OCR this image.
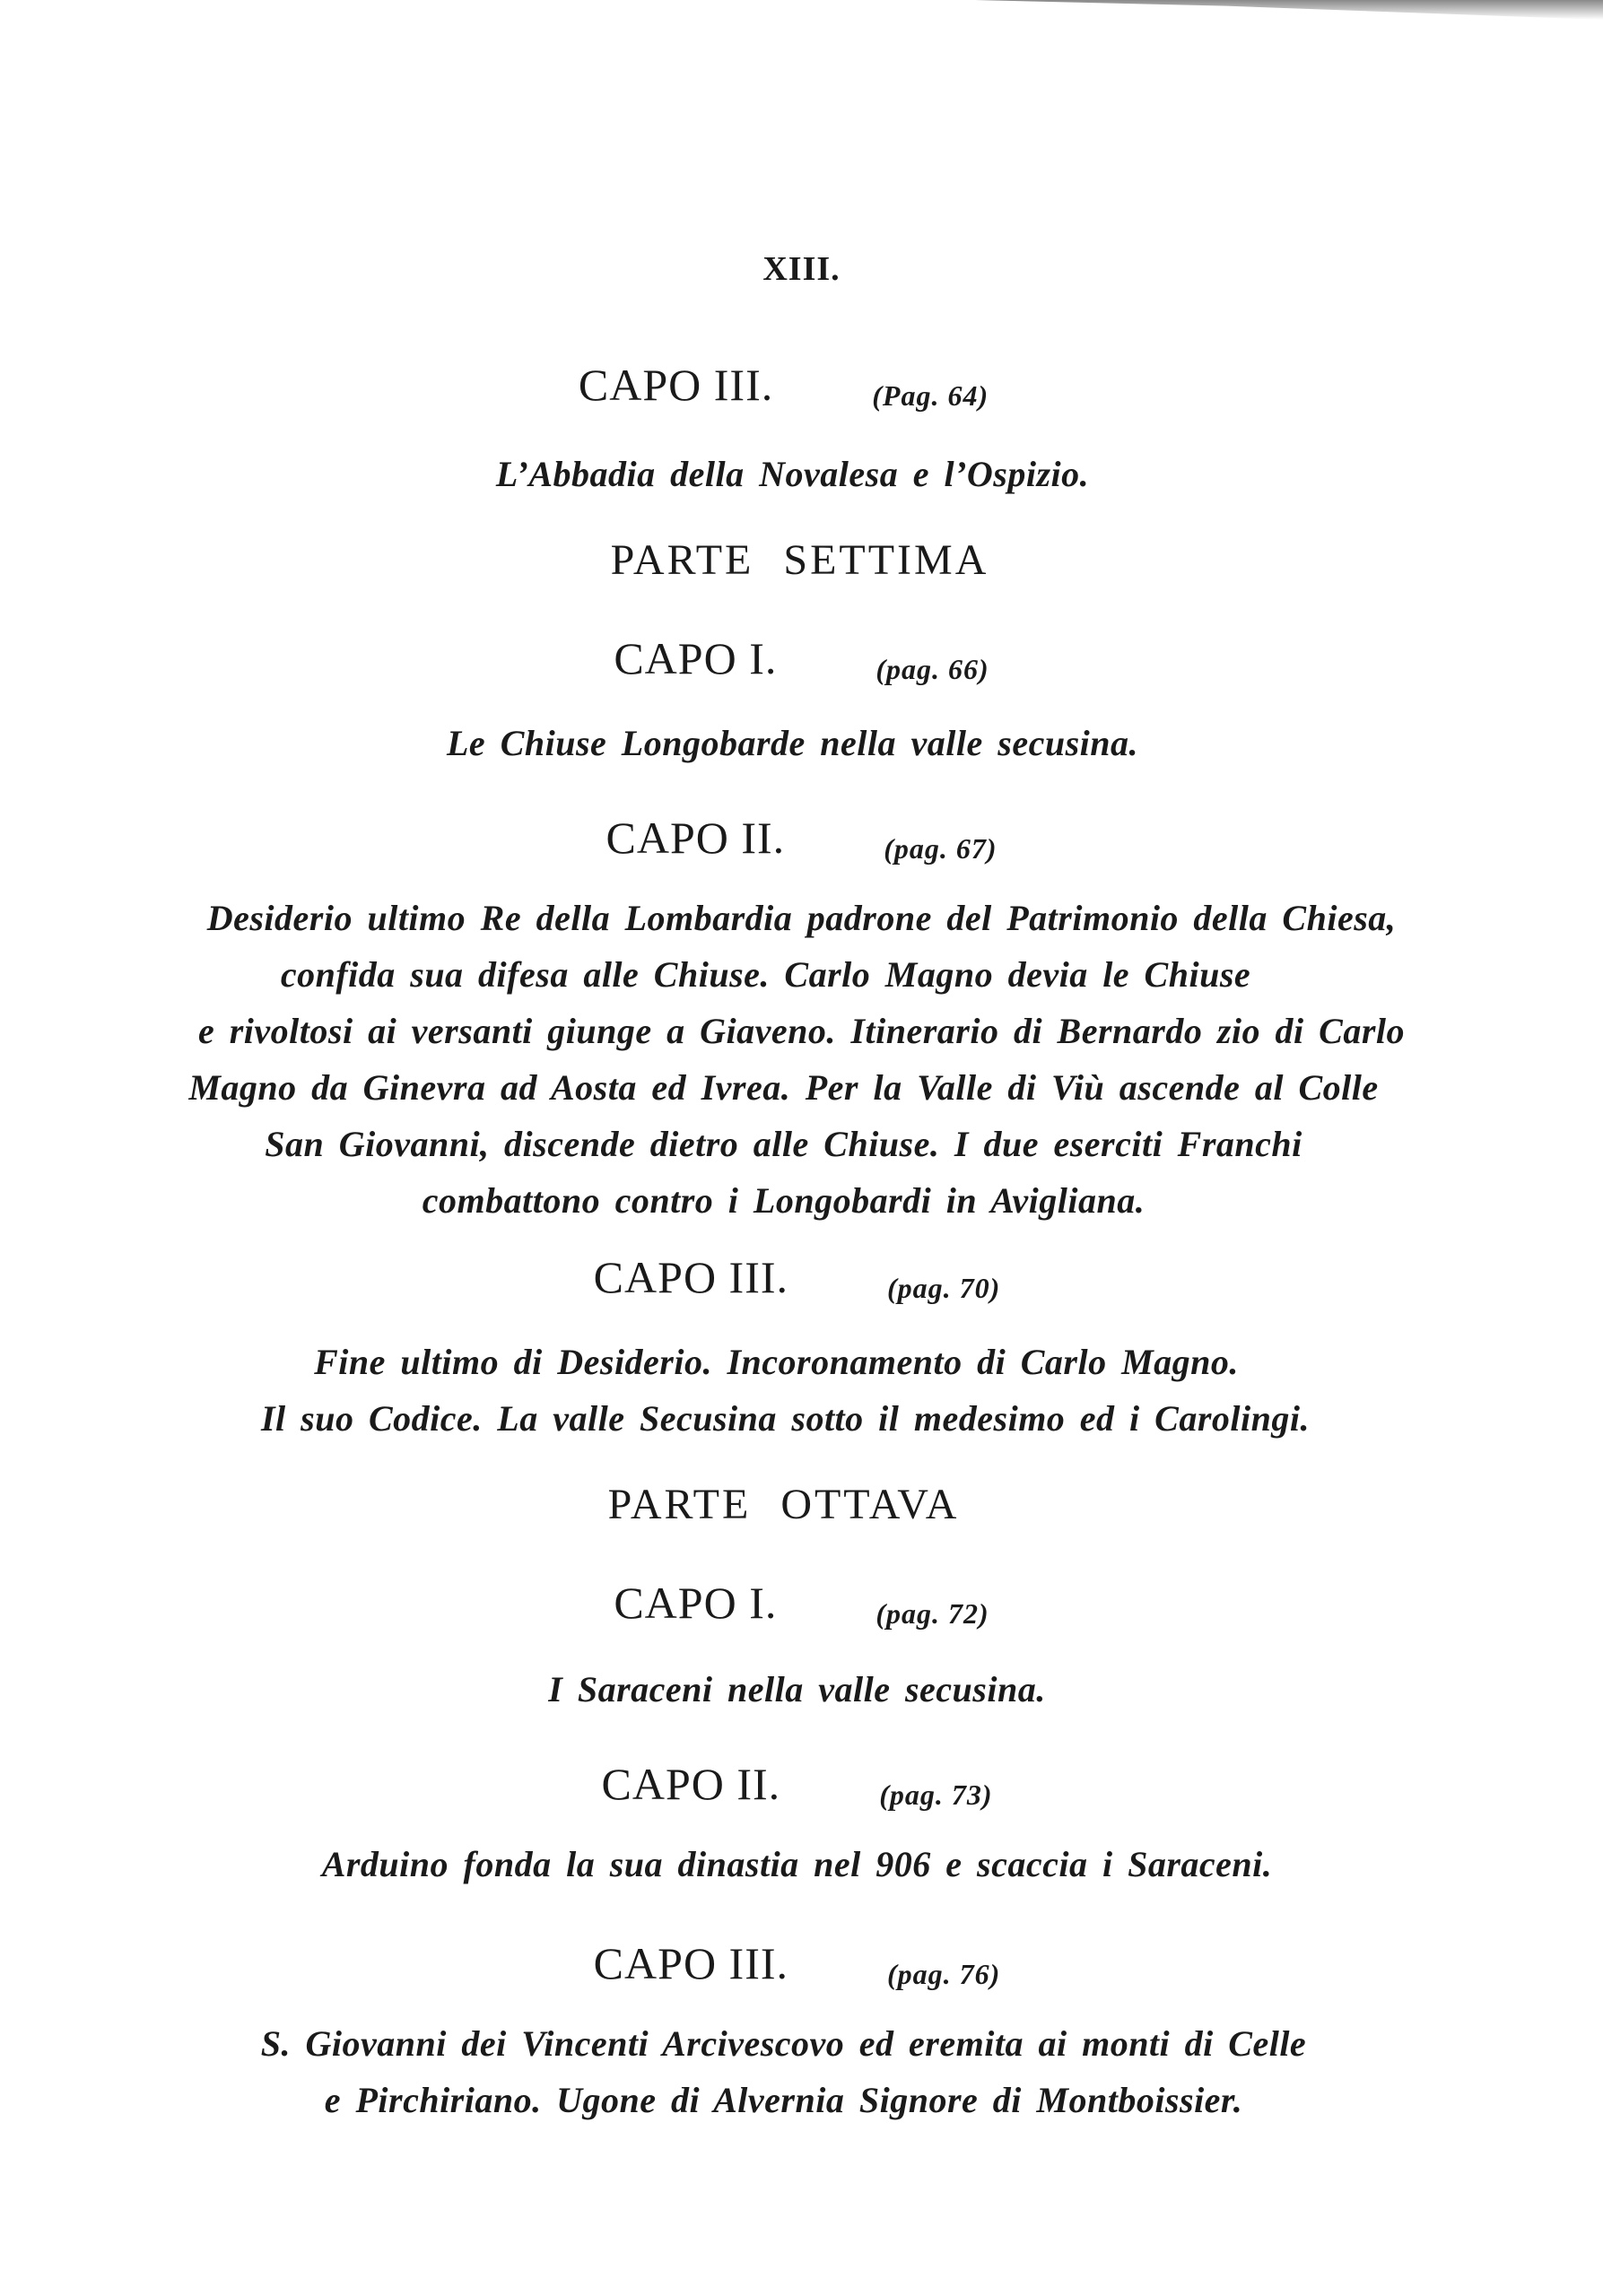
XIII.
CAPO III.	(Pag. 64)
L’Abbadia della Novalesa e l’Ospizio.
PARTE SETTIMA
CAPO I.	(pag. 66)
Le Chiuse Longobarde nella valle secusina.
CAPO II.	(pag. 67)
Desiderio ultimo Re della Lombardia padrone del Patrimonio della Chiesa,
confida sua difesa alle Chiuse. Carlo Magno devia le Chiuse
e rivoltosi ai versanti giunge a Giaveno. Itinerario di Bernardo zio di Carlo
Magno da Ginevra ad Aosta ed Ivrea. Per la Valle di Viù ascende al Colle
San Giovanni, discende dietro alle Chiuse. I due eserciti Franchi
combattono contro i Longobardi in Avigliana.
CAPO III.	(pag. 70)
Fine ultimo di Desiderio. Incoronamento di Carlo Magno.
Il suo Codice. La valle Secusina sotto il medesimo ed i Carolingi.
PARTE OTTAVA
CAPO I.	(pag. 72)
I Saraceni nella valle secusina.
CAPO II.	(pag. 73)
Arduino fonda la sua dinastia nel 906 e scaccia i Saraceni.
CAPO III.	(pag. 76)
S. Giovanni dei Vincenti Arcivescovo ed eremita ai monti di Celle
e Pirchiriano. Ugone di Alvernia Signore di Montboissier.
